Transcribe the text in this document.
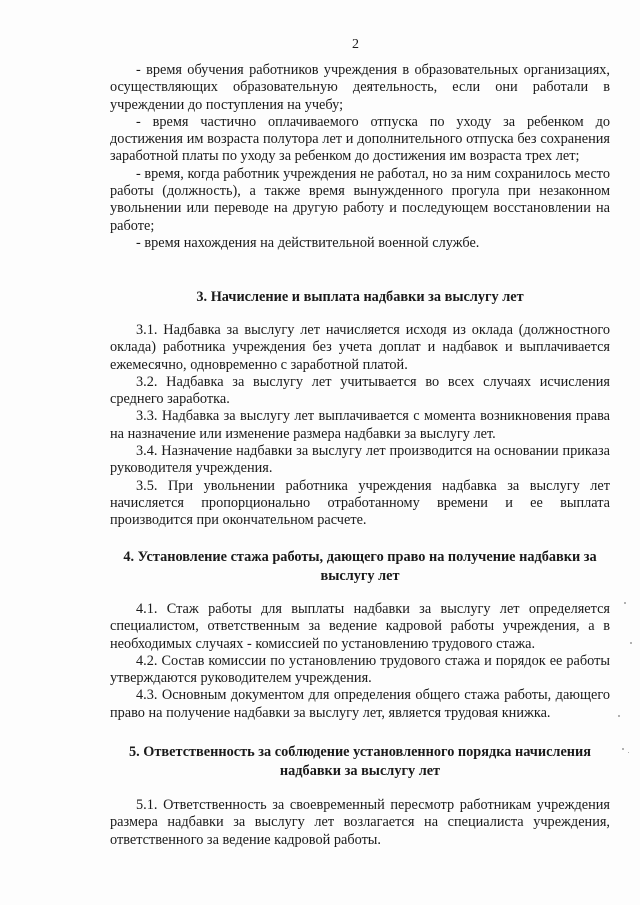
2

- время обучения работников учреждения в образовательных организациях, осуществляющих образовательную деятельность, если они работали в учреждении до поступления на учебу;

- время частично оплачиваемого отпуска по уходу за ребенком до достижения им возраста полутора лет и дополнительного отпуска без сохранения заработной платы по уходу за ребенком до достижения им возраста трех лет;

- время, когда работник учреждения не работал, но за ним сохранилось место работы (должность), а также время вынужденного прогула при незаконном увольнении или переводе на другую работу и последующем восстановлении на работе;

- время нахождения на действительной военной службе.

3. Начисление и выплата надбавки за выслугу лет

3.1. Надбавка за выслугу лет начисляется исходя из оклада (должностного оклада) работника учреждения без учета доплат и надбавок и выплачивается ежемесячно, одновременно с заработной платой.

3.2. Надбавка за выслугу лет учитывается во всех случаях исчисления среднего заработка.

3.3. Надбавка за выслугу лет выплачивается с момента возникновения права на назначение или изменение размера надбавки за выслугу лет.

3.4. Назначение надбавки за выслугу лет производится на основании приказа руководителя учреждения.

3.5. При увольнении работника учреждения надбавка за выслугу лет начисляется пропорционально отработанному времени и ее выплата производится при окончательном расчете.

4. Установление стажа работы, дающего право на получение надбавки за выслугу лет

4.1. Стаж работы для выплаты надбавки за выслугу лет определяется специалистом, ответственным за ведение кадровой работы учреждения, а в необходимых случаях - комиссией по установлению трудового стажа.

4.2. Состав комиссии по установлению трудового стажа и порядок ее работы утверждаются руководителем учреждения.

4.3. Основным документом для определения общего стажа работы, дающего право на получение надбавки за выслугу лет, является трудовая книжка.

5. Ответственность за соблюдение установленного порядка начисления надбавки за выслугу лет

5.1. Ответственность за своевременный пересмотр работникам учреждения размера надбавки за выслугу лет возлагается на специалиста учреждения, ответственного за ведение кадровой работы.
